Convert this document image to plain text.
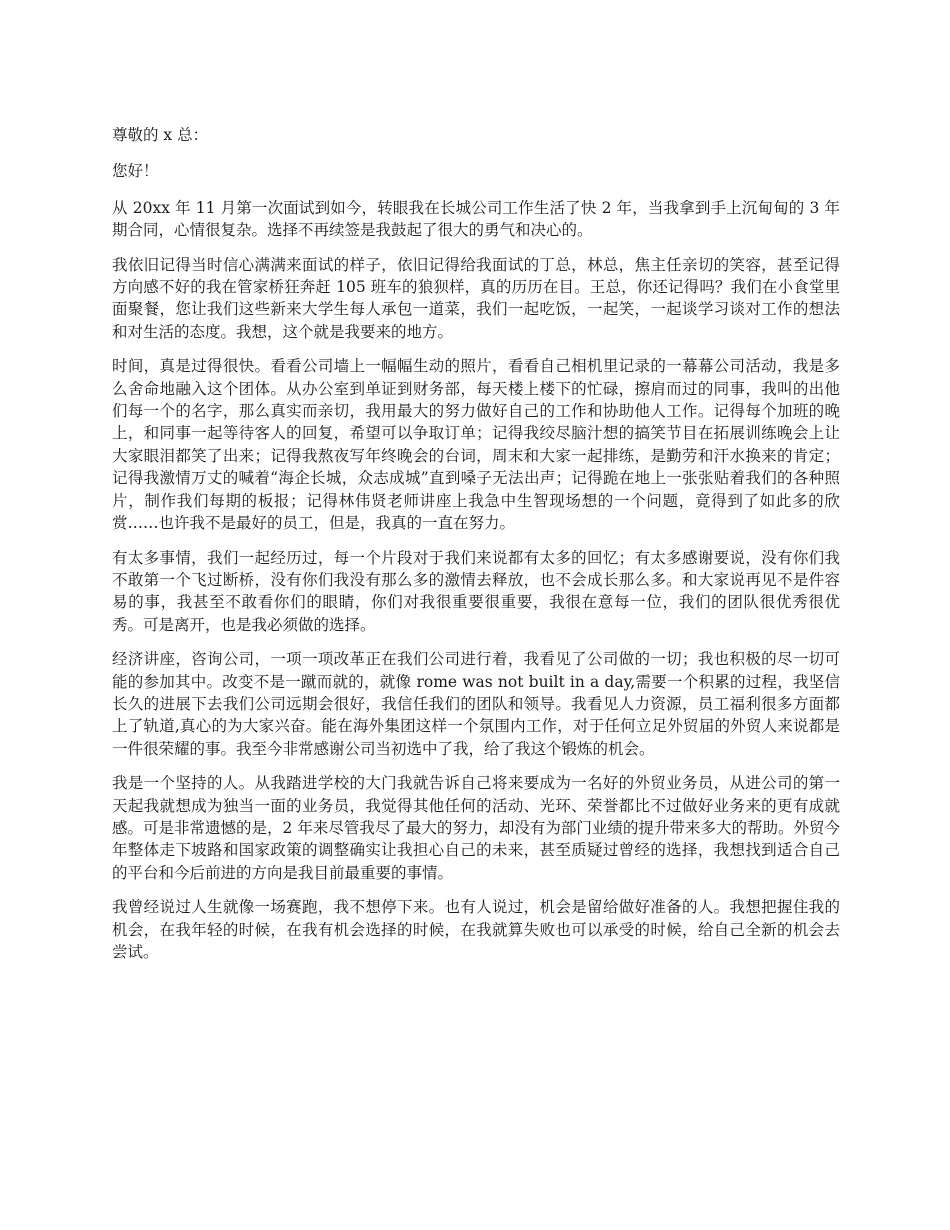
尊敬的 x 总：

您好！

从 20xx 年 11 月第一次面试到如今，转眼我在长城公司工作生活了快 2 年，当我拿到手上沉甸甸的 3 年期合同，心情很复杂。选择不再续签是我鼓起了很大的勇气和决心的。

我依旧记得当时信心满满来面试的样子，依旧记得给我面试的丁总，林总，焦主任亲切的笑容，甚至记得方向感不好的我在管家桥狂奔赶 105 班车的狼狈样，真的历历在目。王总，你还记得吗？我们在小食堂里面聚餐，您让我们这些新来大学生每人承包一道菜，我们一起吃饭，一起笑，一起谈学习谈对工作的想法和对生活的态度。我想，这个就是我要来的地方。

时间，真是过得很快。看看公司墙上一幅幅生动的照片，看看自己相机里记录的一幕幕公司活动，我是多么舍命地融入这个团体。从办公室到单证到财务部，每天楼上楼下的忙碌，擦肩而过的同事，我叫的出他们每一个的名字，那么真实而亲切，我用最大的努力做好自己的工作和协助他人工作。记得每个加班的晚上，和同事一起等待客人的回复，希望可以争取订单；记得我绞尽脑汁想的搞笑节目在拓展训练晚会上让大家眼泪都笑了出来；记得我熬夜写年终晚会的台词，周末和大家一起排练，是勤劳和汗水换来的肯定；记得我激情万丈的喊着“海企长城，众志成城”直到嗓子无法出声；记得跪在地上一张张贴着我们的各种照片，制作我们每期的板报；记得林伟贤老师讲座上我急中生智现场想的一个问题，竟得到了如此多的欣赏……也许我不是最好的员工，但是，我真的一直在努力。

有太多事情，我们一起经历过，每一个片段对于我们来说都有太多的回忆；有太多感谢要说，没有你们我不敢第一个飞过断桥，没有你们我没有那么多的激情去释放，也不会成长那么多。和大家说再见不是件容易的事，我甚至不敢看你们的眼睛，你们对我很重要很重要，我很在意每一位，我们的团队很优秀很优秀。可是离开，也是我必须做的选择。

经济讲座，咨询公司，一项一项改革正在我们公司进行着，我看见了公司做的一切；我也积极的尽一切可能的参加其中。改变不是一蹴而就的，就像 rome was not built in a day,需要一个积累的过程，我坚信长久的进展下去我们公司远期会很好，我信任我们的团队和领导。我看见人力资源，员工福利很多方面都上了轨道,真心的为大家兴奋。能在海外集团这样一个氛围内工作，对于任何立足外贸届的外贸人来说都是一件很荣耀的事。我至今非常感谢公司当初选中了我，给了我这个锻炼的机会。

我是一个坚持的人。从我踏进学校的大门我就告诉自己将来要成为一名好的外贸业务员，从进公司的第一天起我就想成为独当一面的业务员，我觉得其他任何的活动、光环、荣誉都比不过做好业务来的更有成就感。可是非常遗憾的是，2 年来尽管我尽了最大的努力，却没有为部门业绩的提升带来多大的帮助。外贸今年整体走下坡路和国家政策的调整确实让我担心自己的未来，甚至质疑过曾经的选择，我想找到适合自己的平台和今后前进的方向是我目前最重要的事情。

我曾经说过人生就像一场赛跑，我不想停下来。也有人说过，机会是留给做好准备的人。我想把握住我的机会，在我年轻的时候，在我有机会选择的时候，在我就算失败也可以承受的时候，给自己全新的机会去尝试。
